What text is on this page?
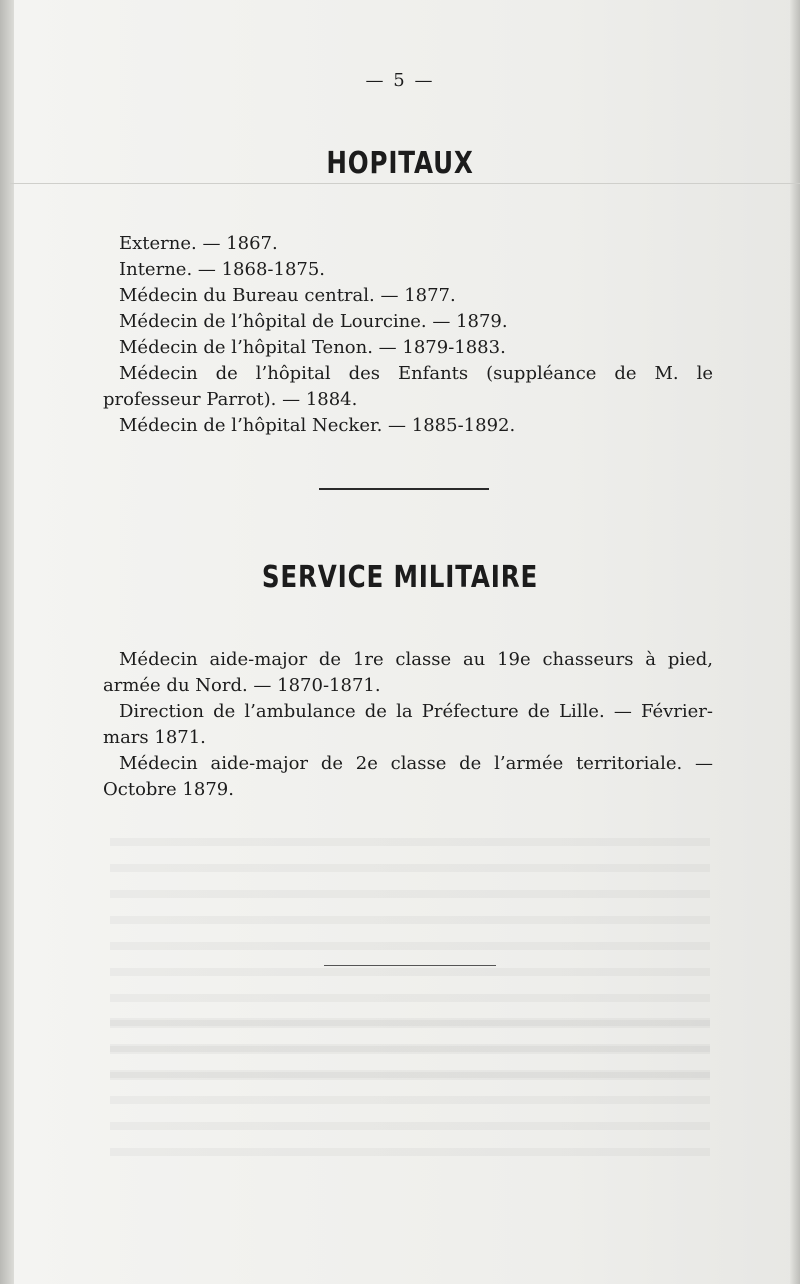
— 5 —
HOPITAUX
Externe. — 1867.
Interne. — 1868-1875.
Médecin du Bureau central. — 1877.
Médecin de l’hôpital de Lourcine. — 1879.
Médecin de l’hôpital Tenon. — 1879-1883.
Médecin de l’hôpital des Enfants (suppléance de M. le professeur Parrot). — 1884.
Médecin de l’hôpital Necker. — 1885-1892.
SERVICE MILITAIRE
Médecin aide-major de 1re classe au 19e chasseurs à pied, armée du Nord. — 1870-1871.
Direction de l’ambulance de la Préfecture de Lille. — Février-mars 1871.
Médecin aide-major de 2e classe de l’armée territoriale. — Octobre 1879.
